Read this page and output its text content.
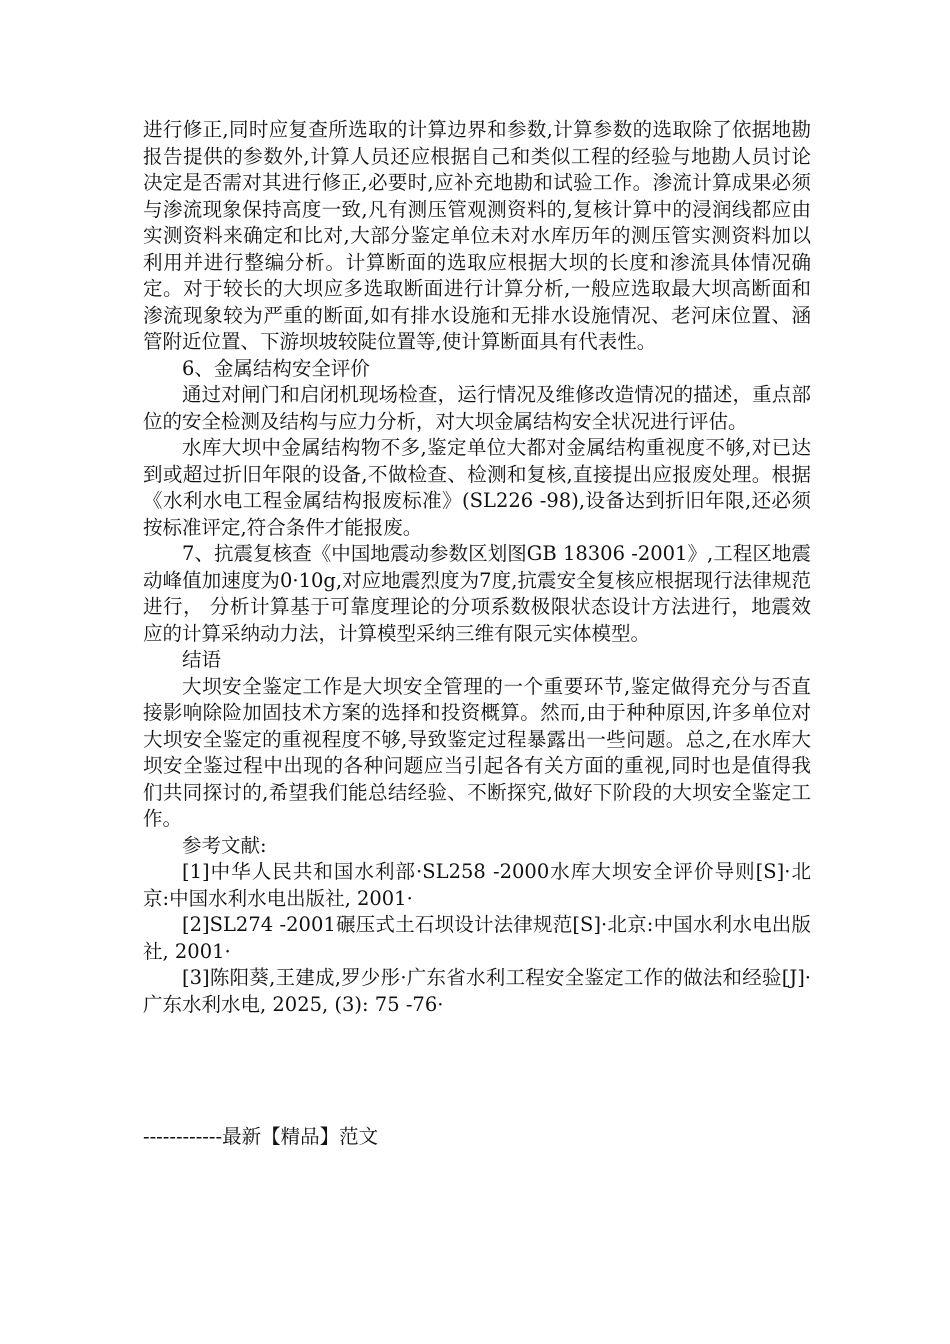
进行修正,同时应复查所选取的计算边界和参数,计算参数的选取除了依据地勘报告提供的参数外,计算人员还应根据自己和类似工程的经验与地勘人员讨论决定是否需对其进行修正,必要时,应补充地勘和试验工作。渗流计算成果必须与渗流现象保持高度一致,凡有测压管观测资料的,复核计算中的浸润线都应由实测资料来确定和比对,大部分鉴定单位未对水库历年的测压管实测资料加以利用并进行整编分析。计算断面的选取应根据大坝的长度和渗流具体情况确定。对于较长的大坝应多选取断面进行计算分析,一般应选取最大坝高断面和渗流现象较为严重的断面,如有排水设施和无排水设施情况、老河床位置、涵管附近位置、下游坝坡较陡位置等,使计算断面具有代表性。

6、金属结构安全评价

通过对闸门和启闭机现场检查，运行情况及维修改造情况的描述，重点部位的安全检测及结构与应力分析，对大坝金属结构安全状况进行评估。

水库大坝中金属结构物不多,鉴定单位大都对金属结构重视度不够,对已达到或超过折旧年限的设备,不做检查、检测和复核,直接提出应报废处理。根据《水利水电工程金属结构报废标准》(SL226 -98),设备达到折旧年限,还必须按标准评定,符合条件才能报废。

7、抗震复核查《中国地震动参数区划图GB 18306 -2001》,工程区地震动峰值加速度为0·10g,对应地震烈度为7度,抗震安全复核应根据现行法律规范进行， 分析计算基于可靠度理论的分项系数极限状态设计方法进行，地震效应的计算采纳动力法，计算模型采纳三维有限元实体模型。

结语

大坝安全鉴定工作是大坝安全管理的一个重要环节,鉴定做得充分与否直接影响除险加固技术方案的选择和投资概算。然而,由于种种原因,许多单位对大坝安全鉴定的重视程度不够,导致鉴定过程暴露出一些问题。总之,在水库大坝安全鉴过程中出现的各种问题应当引起各有关方面的重视,同时也是值得我们共同探讨的,希望我们能总结经验、不断探究,做好下阶段的大坝安全鉴定工作。

参考文献:

[1]中华人民共和国水利部·SL258 -2000水库大坝安全评价导则[S]·北京:中国水利水电出版社, 2001·

[2]SL274 -2001碾压式土石坝设计法律规范[S]·北京:中国水利水电出版社, 2001·

[3]陈阳葵,王建成,罗少彤·广东省水利工程安全鉴定工作的做法和经验[J]·广东水利水电, 2025, (3): 75 -76·

------------最新【精品】范文
